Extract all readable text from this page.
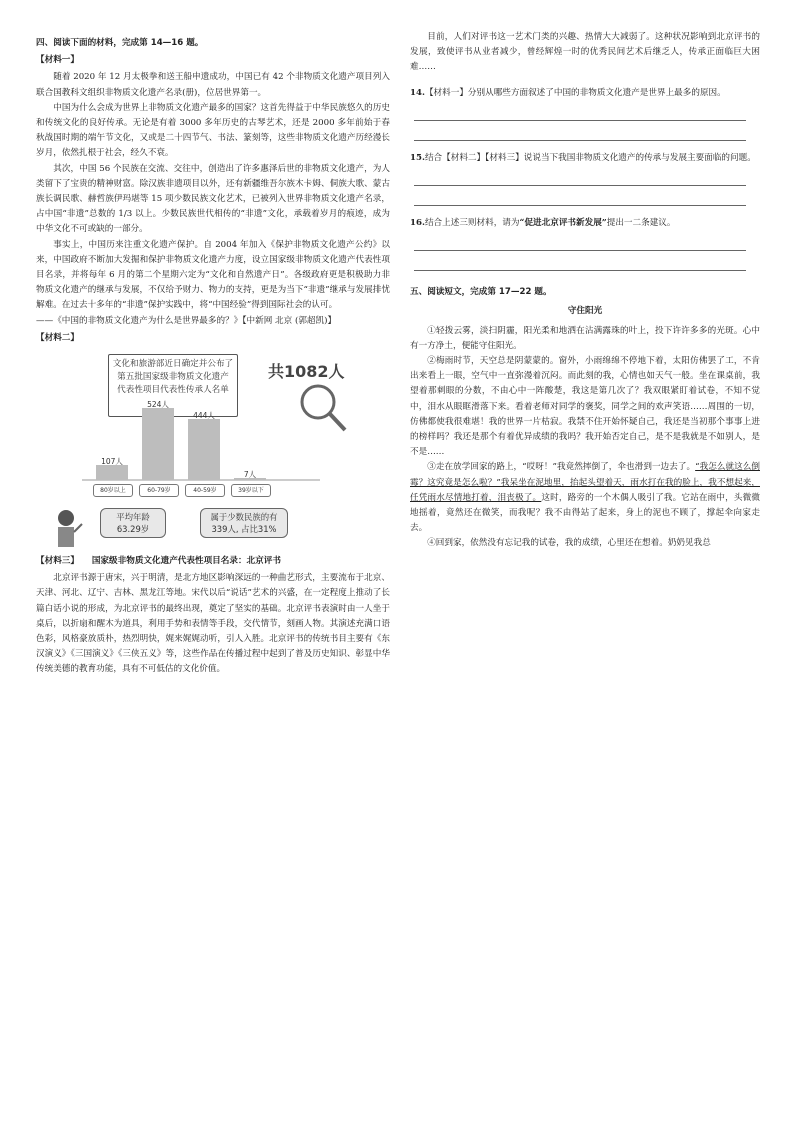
四、阅读下面的材料，完成第 14—16 题。
【材料一】

随着 2020 年 12 月太极拳和送王船申遗成功，中国已有 42 个非物质文化遗产项目列入联合国教科文组织非物质文化遗产名录(册)，位居世界第一。

中国为什么会成为世界上非物质文化遗产最多的国家？这首先得益于中华民族悠久的历史和传统文化的良好传承。无论是有着 3000 多年历史的古琴艺术，还是 2000 多年前始于春秋战国时期的端午节文化，又或是二十四节气、书法、篆刻等，这些非物质文化遗产历经漫长岁月，依然扎根于社会，经久不衰。

其次，中国 56 个民族在交流、交往中，创造出了许多惠泽后世的非物质文化遗产，为人类留下了宝贵的精神财富。除汉族非遗项目以外，还有新疆维吾尔族木卡姆、侗族大歌、蒙古族长调民歌、赫哲族伊玛堪等 15 项少数民族文化艺术，已被列入世界非物质文化遗产名录，占中国“非遗”总数的 1/3 以上。少数民族世代相传的“非遗”文化，承载着岁月的痕迹，成为中华文化不可或缺的一部分。

事实上，中国历来注重文化遗产保护。自 2004 年加入《保护非物质文化遗产公约》以来，中国政府不断加大发掘和保护非物质文化遗产力度，设立国家级非物质文化遗产代表性项目名录，并将每年 6 月的第二个星期六定为“文化和自然遗产日”。各级政府更是积极助力非物质文化遗产的继承与发展，不仅给予财力、物力的支持，更是为当下“非遗”继承与发展排忧解难。在过去十多年的“非遗”保护实践中，将“中国经验”得到国际社会的认可。

——《中国的非物质文化遗产为什么是世界最多的？》【中新网 北京 (郭超凯)】
【材料二】
文化和旅游部近日确定并公布了
第五批国家级非物质文化遗产
代表性项目代表性传承人名单
共1082人
107人
80岁以上
524人
60-79岁
444人
40-59岁
7人
39岁以下
平均年龄
63.29岁
属于少数民族的有
339人, 占比31%
【材料三】　　国家级非物质文化遗产代表性项目名录：北京评书

北京评书源于唐宋，兴于明清，是北方地区影响深远的一种曲艺形式，主要流布于北京、天津、河北、辽宁、吉林、黑龙江等地。宋代以后“说话”艺术的兴盛，在一定程度上推动了长篇白话小说的形成，为北京评书的最终出现，奠定了坚实的基础。北京评书表演时由一人坐于桌后，以折扇和醒木为道具，利用手势和表情等手段，交代情节，刻画人物。其演述充满口语色彩，风格豪放质朴，热烈明快，娓来娓娓动听，引人入胜。北京评书的传统书目主要有《东汉演义》《三国演义》《三侠五义》等，这些作品在传播过程中起到了普及历史知识、彰显中华传统美德的教育功能，具有不可低估的文化价值。

目前，人们对评书这一艺术门类的兴趣、热情大大减弱了。这种状况影响到北京评书的发展，致使评书从业者减少，曾经辉煌一时的优秀民间艺术后继乏人，传承正面临巨大困难……

14.【材料一】分别从哪些方面叙述了中国的非物质文化遗产是世界上最多的原因。
15.结合【材料二】【材料三】说说当下我国非物质文化遗产的传承与发展主要面临的问题。
16.结合上述三则材料，请为“促进北京评书新发展”提出一二条建议。
五、阅读短文，完成第 17—22 题。
守住阳光

①轻拨云雾，淡扫阴霾，阳光柔和地洒在沾满露珠的叶上，投下许许多多的光斑。心中有一方净土，便能守住阳光。

②梅雨时节，天空总是阴蒙蒙的。窗外，小雨绵绵不停地下着，太阳仿佛罢了工，不肯出来看上一眼，空气中一直弥漫着沉闷。而此刻的我，心情也如天气一般。坐在课桌前，我望着那刺眼的分数，不由心中一阵酸楚，我这是第几次了？我双眼紧盯着试卷，不知不觉中，泪水从眼眶滑落下来。看着老师对同学的褒奖，同学之间的欢声笑语……周围的一切，仿佛都使我很难堪！我的世界一片枯寂。我禁不住开始怀疑自己，我还是当初那个事事上进的榜样吗？我还是那个有着优异成绩的我吗？我开始否定自己，是不是我就是不如别人，是不是……

③走在放学回家的路上，“哎呀！”我竟然摔倒了，伞也滑到一边去了。“我怎么就这么倒霉？这究竟是怎么啦？”我呆坐在泥地里，抬起头望着天，雨水打在我的脸上，我不想起来，任凭雨水尽情地打着，泪丧极了。这时，路旁的一个木偶人吸引了我。它站在雨中，头微微地摇着，竟然还在微笑，而我呢？我不由得站了起来，身上的泥也不顾了，撑起伞向家走去。

④回到家，依然没有忘记我的试卷，我的成绩，心里还在想着。奶奶见我总
